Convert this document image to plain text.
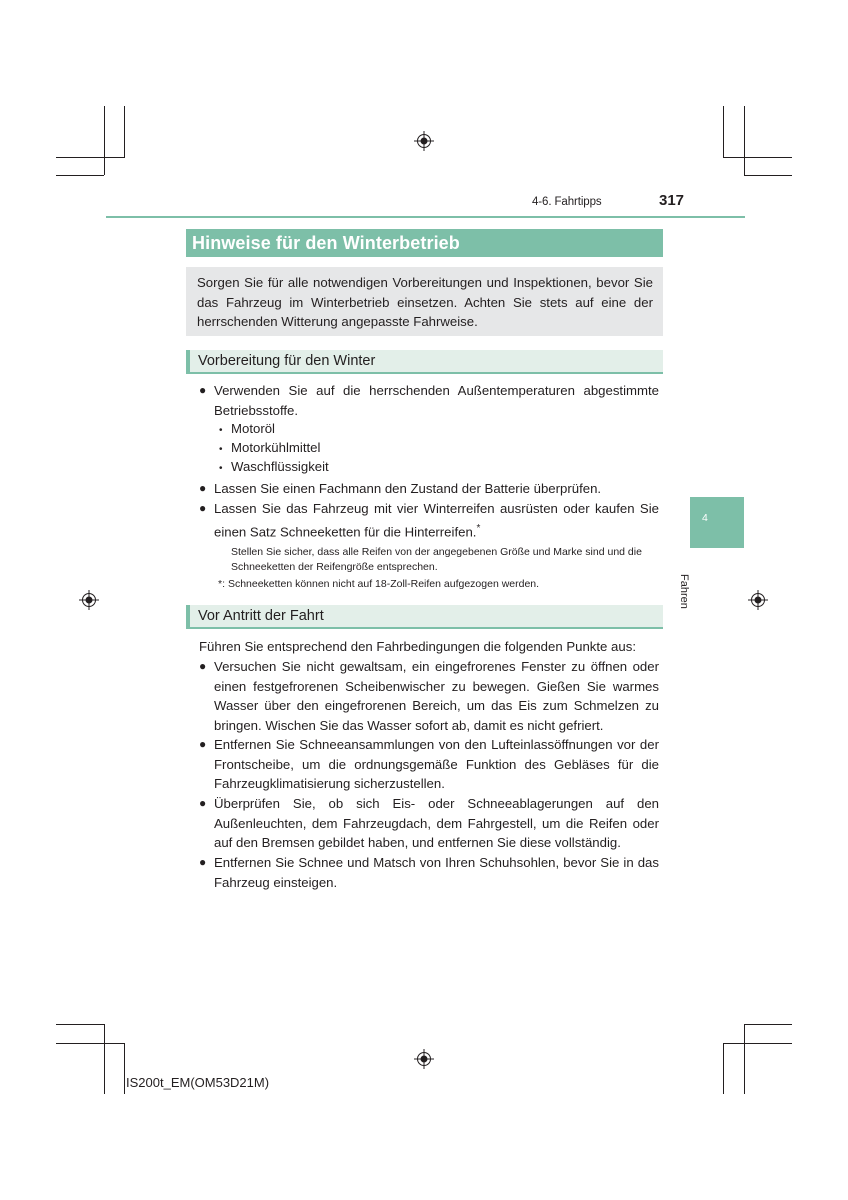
4-6. Fahrtipps	317
Hinweise für den Winterbetrieb
Sorgen Sie für alle notwendigen Vorbereitungen und Inspektionen, bevor Sie das Fahrzeug im Winterbetrieb einsetzen. Achten Sie stets auf eine der herrschenden Witterung angepasste Fahrweise.
Vorbereitung für den Winter
● Verwenden Sie auf die herrschenden Außentemperaturen abgestimmte Betriebsstoffe.
• Motoröl
• Motorkühlmittel
• Waschflüssigkeit
● Lassen Sie einen Fachmann den Zustand der Batterie überprüfen.
● Lassen Sie das Fahrzeug mit vier Winterreifen ausrüsten oder kaufen Sie einen Satz Schneeketten für die Hinterreifen.*
Stellen Sie sicher, dass alle Reifen von der angegebenen Größe und Marke sind und die Schneeketten der Reifengröße entsprechen.
*: Schneeketten können nicht auf 18-Zoll-Reifen aufgezogen werden.
Vor Antritt der Fahrt
Führen Sie entsprechend den Fahrbedingungen die folgenden Punkte aus:
● Versuchen Sie nicht gewaltsam, ein eingefrorenes Fenster zu öffnen oder einen festgefrorenen Scheibenwischer zu bewegen. Gießen Sie warmes Wasser über den eingefrorenen Bereich, um das Eis zum Schmelzen zu bringen. Wischen Sie das Wasser sofort ab, damit es nicht gefriert.
● Entfernen Sie Schneeansammlungen von den Lufteinlassöffnungen vor der Frontscheibe, um die ordnungsgemäße Funktion des Gebläses für die Fahrzeugklimatisierung sicherzustellen.
● Überprüfen Sie, ob sich Eis- oder Schneeablagerungen auf den Außenleuchten, dem Fahrzeugdach, dem Fahrgestell, um die Reifen oder auf den Bremsen gebildet haben, und entfernen Sie diese vollständig.
● Entfernen Sie Schnee und Matsch von Ihren Schuhsohlen, bevor Sie in das Fahrzeug einsteigen.
4
Fahren
IS200t_EM(OM53D21M)
